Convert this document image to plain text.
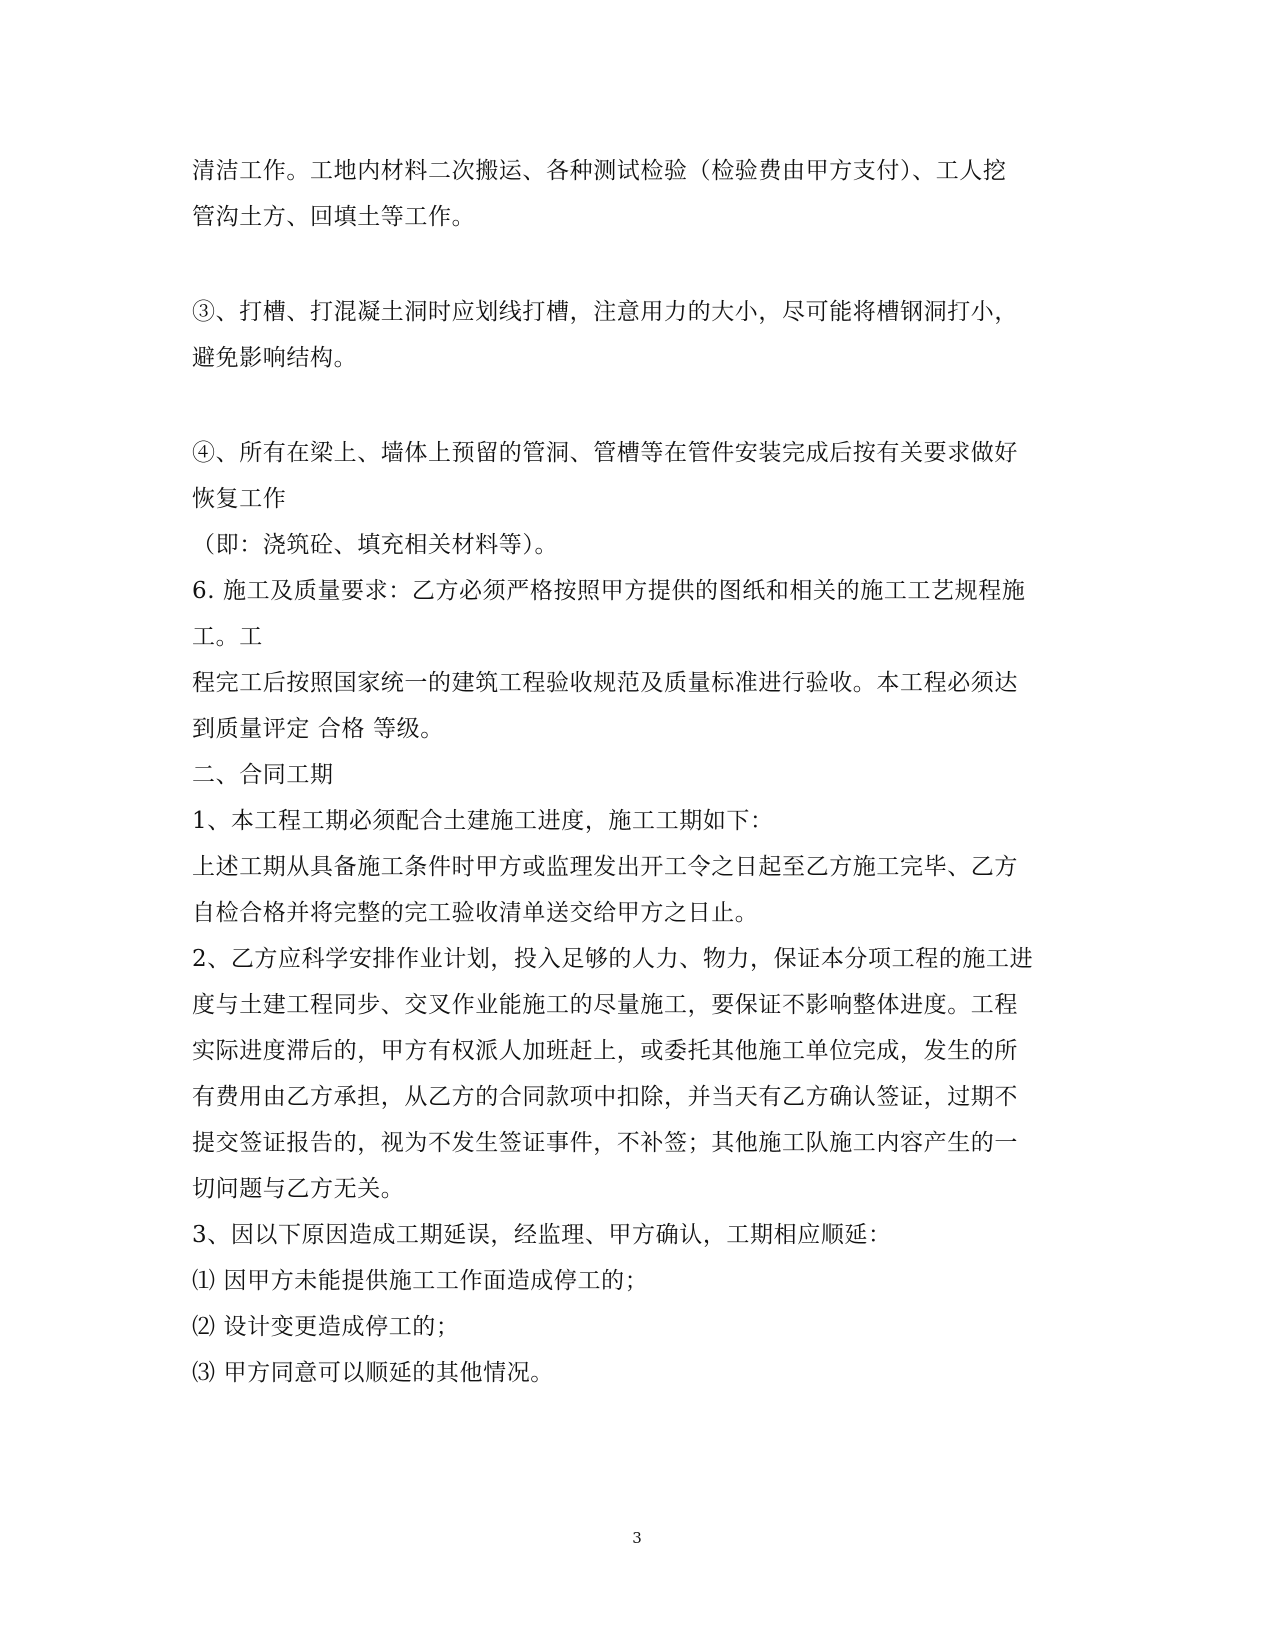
清洁工作。工地内材料二次搬运、各种测试检验（检验费由甲方支付）、工人挖
管沟土方、回填土等工作。
③、打槽、打混凝土洞时应划线打槽，注意用力的大小，尽可能将槽钢洞打小，
避免影响结构。
④、所有在梁上、墙体上预留的管洞、管槽等在管件安装完成后按有关要求做好
恢复工作
（即：浇筑砼、填充相关材料等）。
6. 施工及质量要求：乙方必须严格按照甲方提供的图纸和相关的施工工艺规程施
工。工
程完工后按照国家统一的建筑工程验收规范及质量标准进行验收。本工程必须达
到质量评定 合格 等级。
二、合同工期
1、本工程工期必须配合土建施工进度，施工工期如下：
上述工期从具备施工条件时甲方或监理发出开工令之日起至乙方施工完毕、乙方
自检合格并将完整的完工验收清单送交给甲方之日止。
2、乙方应科学安排作业计划，投入足够的人力、物力，保证本分项工程的施工进
度与土建工程同步、交叉作业能施工的尽量施工，要保证不影响整体进度。工程
实际进度滞后的，甲方有权派人加班赶上，或委托其他施工单位完成，发生的所
有费用由乙方承担，从乙方的合同款项中扣除，并当天有乙方确认签证，过期不
提交签证报告的，视为不发生签证事件，不补签；其他施工队施工内容产生的一
切问题与乙方无关。
3、因以下原因造成工期延误，经监理、甲方确认，工期相应顺延：
⑴ 因甲方未能提供施工工作面造成停工的；
⑵ 设计变更造成停工的；
⑶ 甲方同意可以顺延的其他情况。
3
